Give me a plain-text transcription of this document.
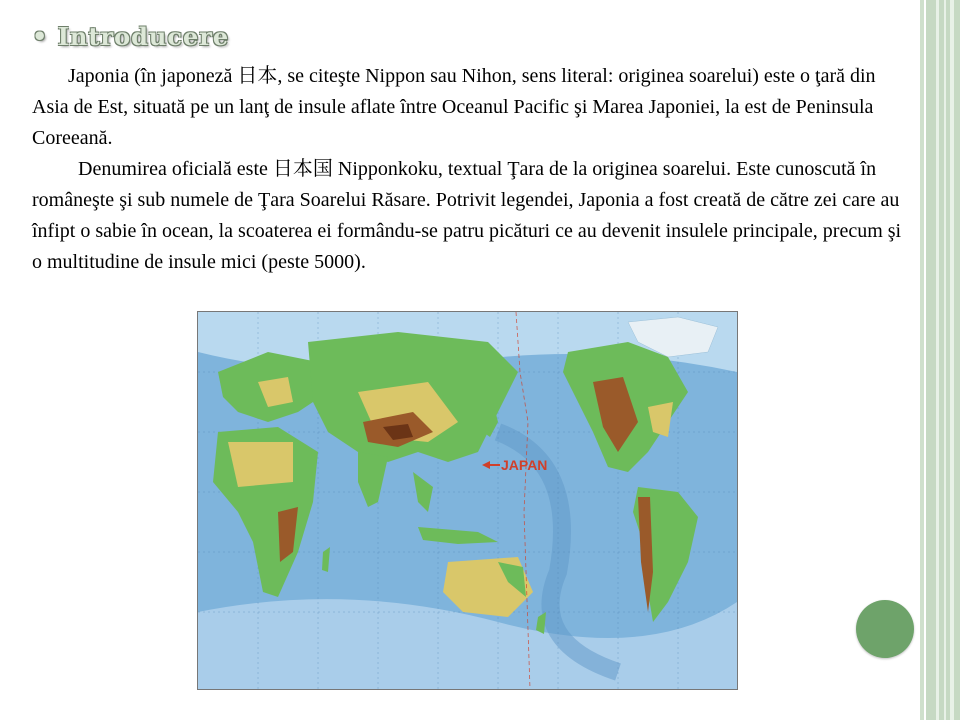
• Introducere

Japonia (în japoneză 日本, se citeşte Nippon sau Nihon, sens literal: originea soarelui) este o ţară din Asia de Est, situată pe un lanţ de insule aflate între Oceanul Pacific şi Marea Japoniei, la est de Peninsula Coreeană.

Denumirea oficială este 日本国 Nipponkoku, textual Ţara de la originea soarelui. Este cunoscută în româneşte şi sub numele de Ţara Soarelui Răsare. Potrivit legendei, Japonia a fost creată de către zei care au înfipt o sabie în ocean, la scoaterea ei formându-se patru picături ce au devenit insulele principale, precum şi o multitudine de insule mici (peste 5000).

JAPAN
